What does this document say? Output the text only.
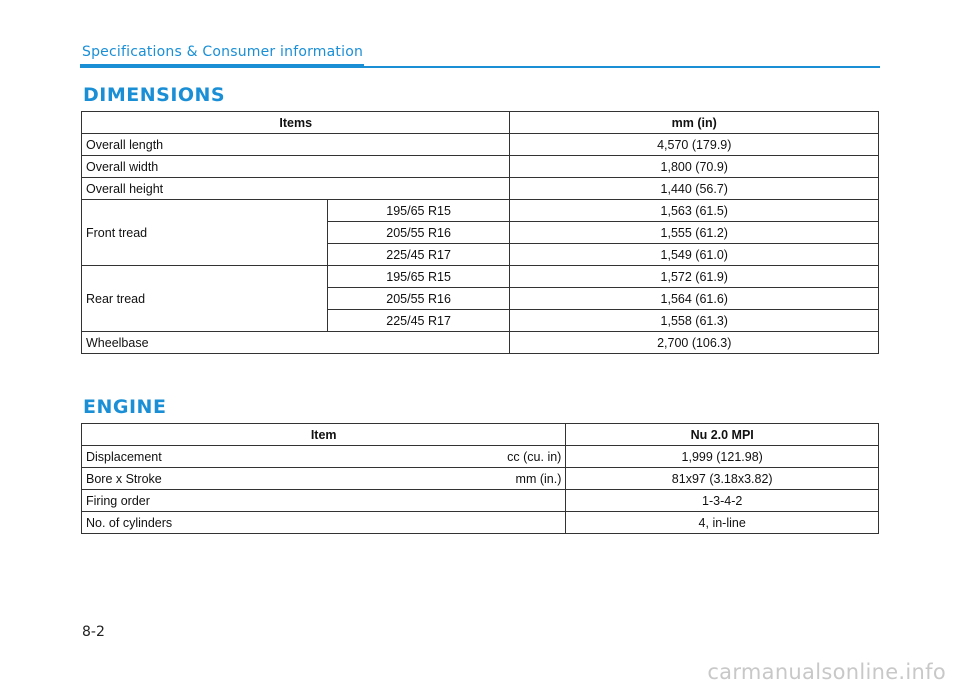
Specifications & Consumer information
DIMENSIONS
Items		mm (in)
Overall length		4,570 (179.9)
Overall width		1,800 (70.9)
Overall height		1,440 (56.7)
Front tread	195/65 R15	1,563 (61.5)
	205/55 R16	1,555 (61.2)
	225/45 R17	1,549 (61.0)
Rear tread	195/65 R15	1,572 (61.9)
	205/55 R16	1,564 (61.6)
	225/45 R17	1,558 (61.3)
Wheelbase		2,700 (106.3)
ENGINE
Item		Nu 2.0 MPI
Displacement	cc (cu. in)	1,999 (121.98)
Bore x Stroke	mm (in.)	81x97 (3.18x3.82)
Firing order		1-3-4-2
No. of cylinders		4, in-line
8-2
carmanualsonline.info
